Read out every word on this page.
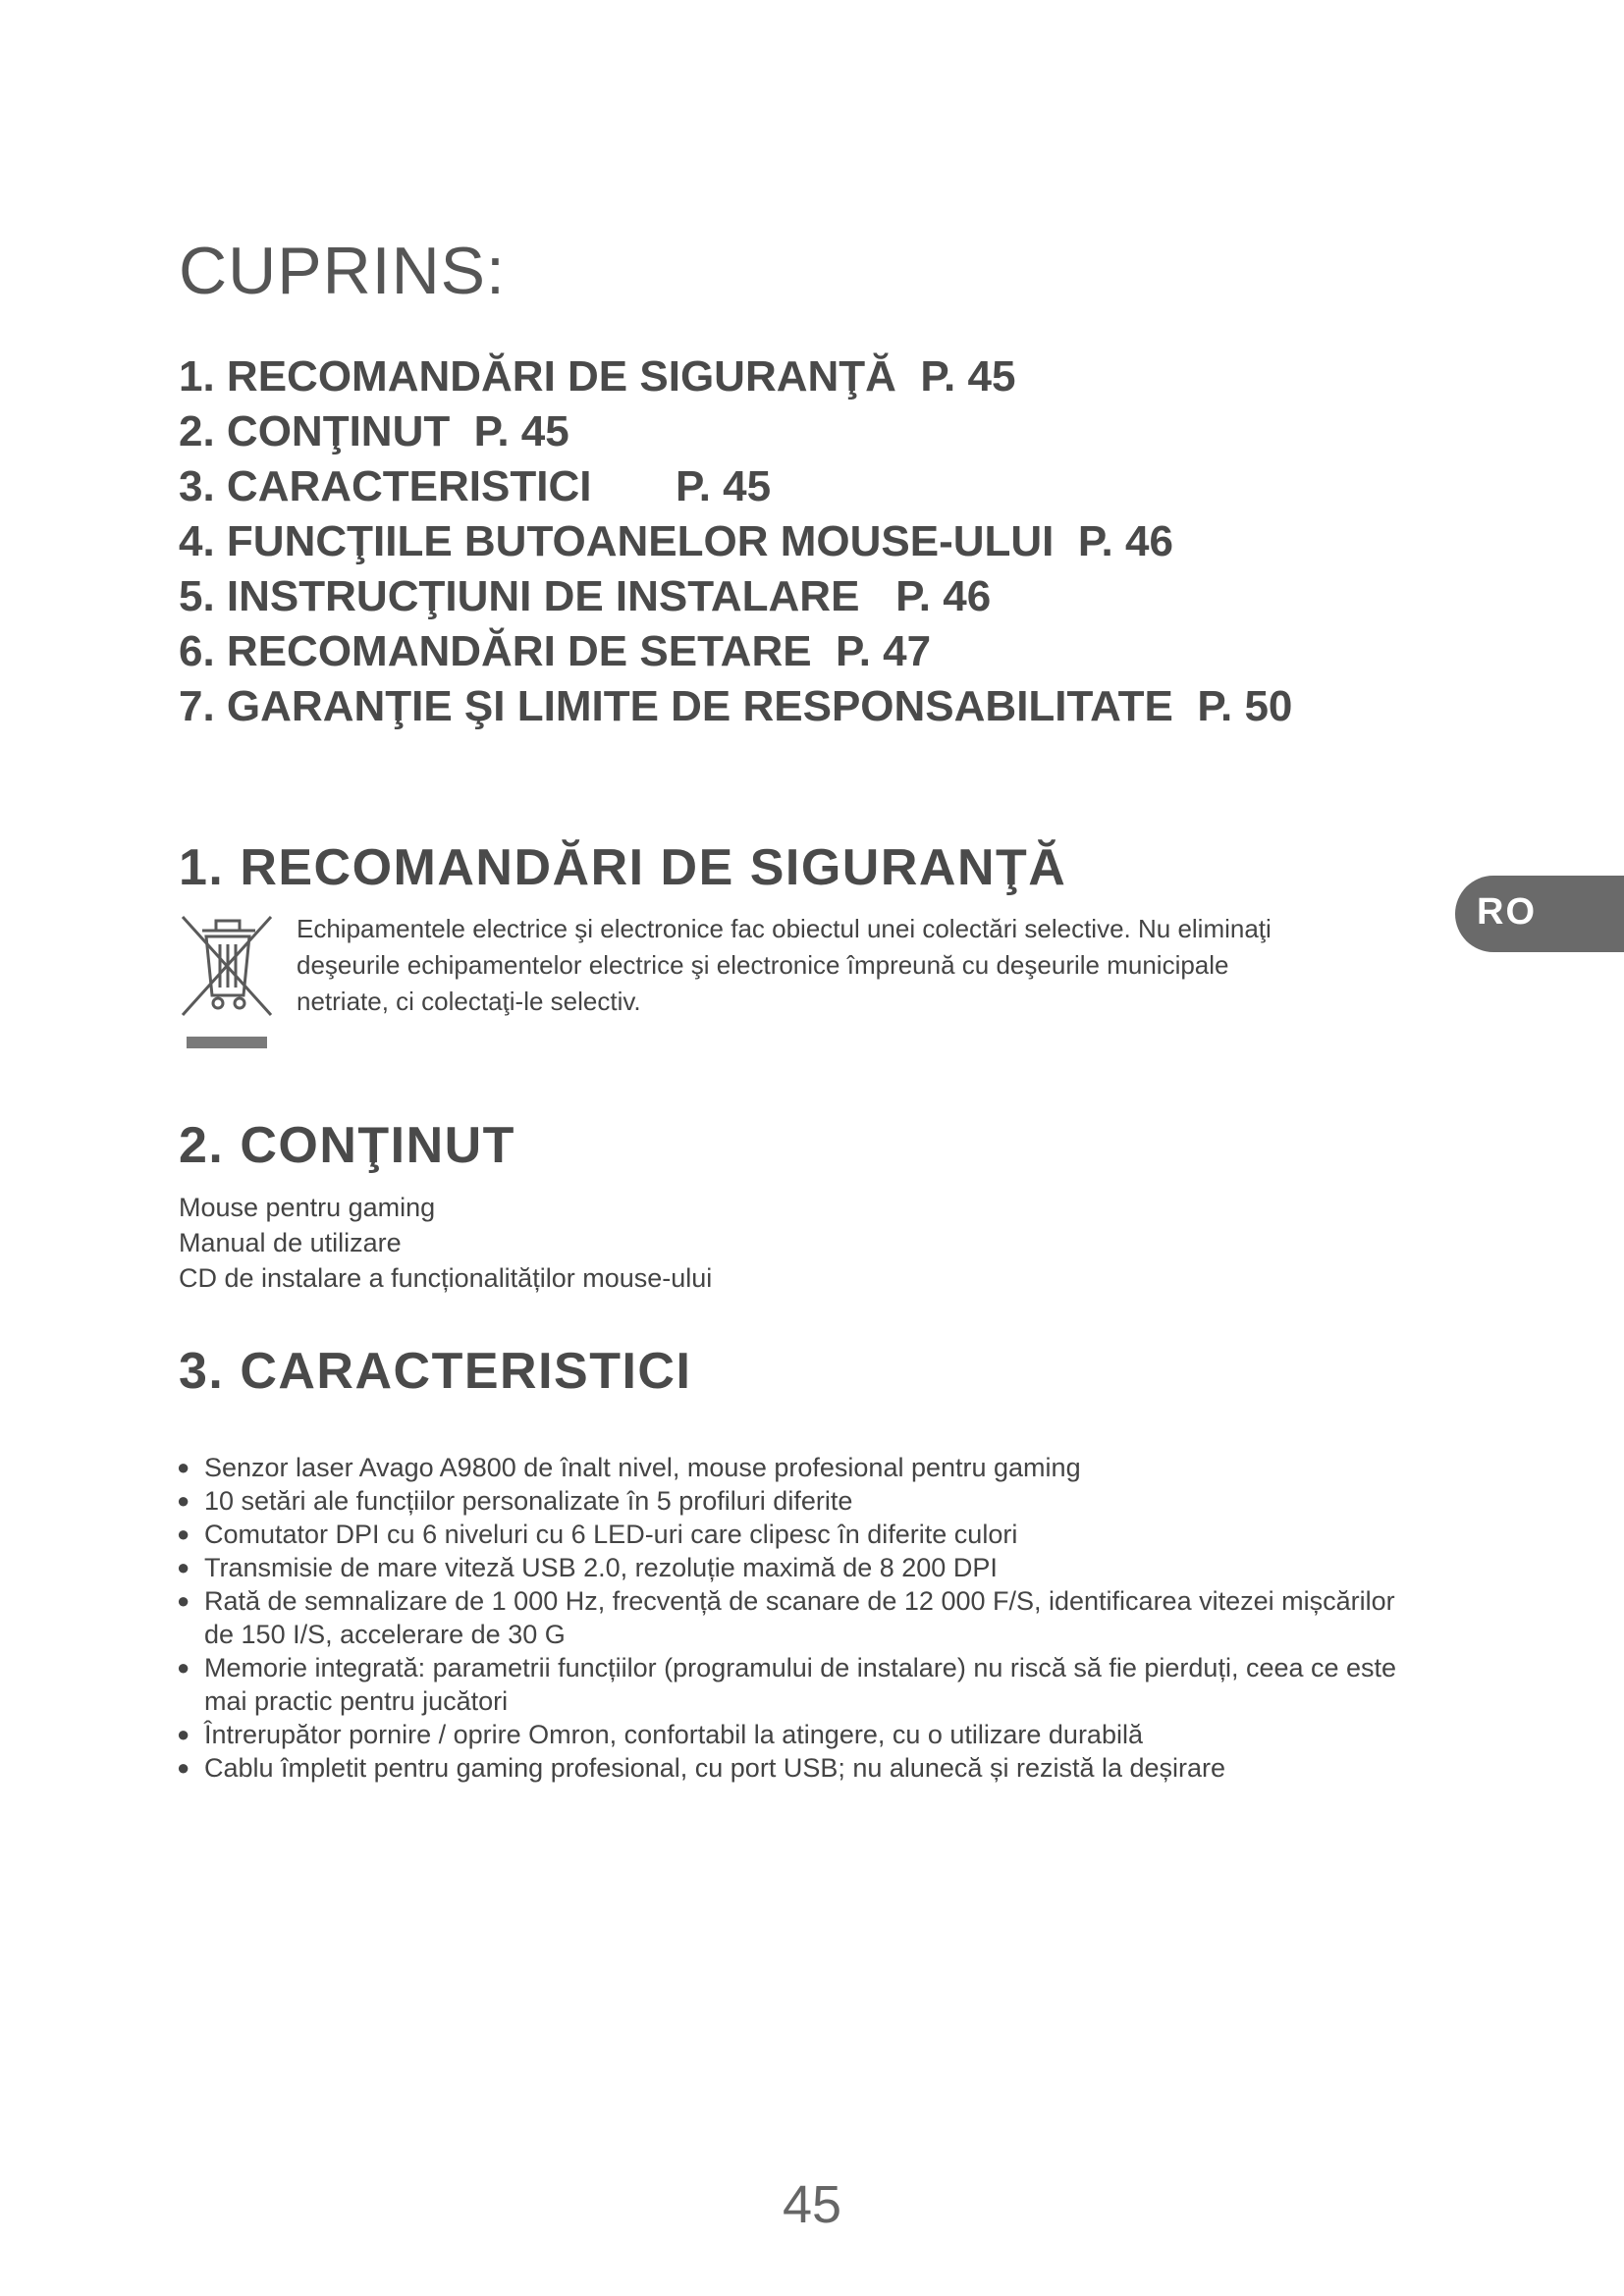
CUPRINS:
1. RECOMANDĂRI DE SIGURANŢĂ  P. 45
2. CONŢINUT  P. 45
3. CARACTERISTICI       P. 45
4. FUNCŢIILE BUTOANELOR MOUSE-ULUI  P. 46
5. INSTRUCŢIUNI DE INSTALARE   P. 46
6. RECOMANDĂRI DE SETARE  P. 47
7. GARANŢIE ŞI LIMITE DE RESPONSABILITATE  P. 50
1. RECOMANDĂRI DE SIGURANŢĂ
Echipamentele electrice şi electronice fac obiectul unei colectări selective. Nu eliminaţi
deşeurile echipamentelor electrice şi electronice împreună cu deşeurile municipale
netriate, ci colectaţi-le selectiv.
RO
2. CONŢINUT
Mouse pentru gaming
Manual de utilizare
CD de instalare a funcționalităților mouse-ului
3. CARACTERISTICI
● Senzor laser Avago A9800 de înalt nivel, mouse profesional pentru gaming
● 10 setări ale funcțiilor personalizate în 5 profiluri diferite
● Comutator DPI cu 6 niveluri cu 6 LED-uri care clipesc în diferite culori
● Transmisie de mare viteză USB 2.0, rezoluție maximă de 8 200 DPI
● Rată de semnalizare de 1 000 Hz, frecvență de scanare de 12 000 F/S, identificarea vitezei mișcărilor de 150 I/S, accelerare de 30 G
● Memorie integrată: parametrii funcțiilor (programului de instalare) nu riscă să fie pierduți, ceea ce este mai practic pentru jucători
● Întrerupător pornire / oprire Omron, confortabil la atingere, cu o utilizare durabilă
● Cablu împletit pentru gaming profesional, cu port USB; nu alunecă și rezistă la deșirare
45
